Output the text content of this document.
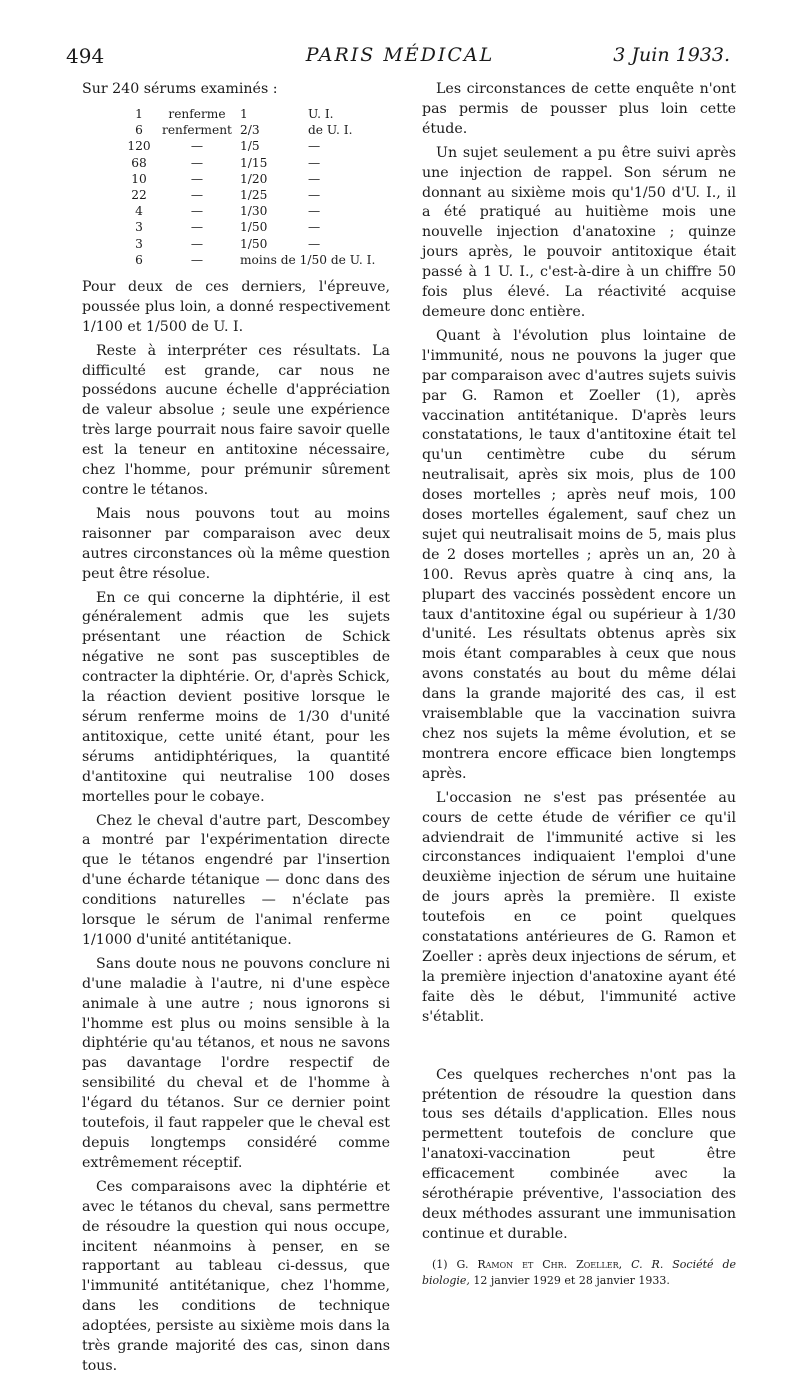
494	PARIS MÉDICAL	3 Juin 1933.

Sur 240 sérums examinés :

1	renferme	1	U. I.
6	renferment	2/3	de U. I.
120	—	1/5	—
68	—	1/15	—
10	—	1/20	—
22	—	1/25	—
4	—	1/30	—
3	—	1/50	—
3	—	1/50	—
6	—	moins de 1/50 de U. I.	

Pour deux de ces derniers, l'épreuve, poussée plus loin, a donné respectivement 1/100 et 1/500 de U. I.

Reste à interpréter ces résultats. La difficulté est grande, car nous ne possédons aucune échelle d'appréciation de valeur absolue ; seule une expérience très large pourrait nous faire savoir quelle est la teneur en antitoxine nécessaire, chez l'homme, pour prémunir sûrement contre le tétanos.

Mais nous pouvons tout au moins raisonner par comparaison avec deux autres circonstances où la même question peut être résolue.

En ce qui concerne la diphtérie, il est généralement admis que les sujets présentant une réaction de Schick négative ne sont pas susceptibles de contracter la diphtérie. Or, d'après Schick, la réaction devient positive lorsque le sérum renferme moins de 1/30 d'unité antitoxique, cette unité étant, pour les sérums antidiphtériques, la quantité d'antitoxine qui neutralise 100 doses mortelles pour le cobaye.

Chez le cheval d'autre part, Descombey a montré par l'expérimentation directe que le tétanos engendré par l'insertion d'une écharde tétanique — donc dans des conditions naturelles — n'éclate pas lorsque le sérum de l'animal renferme 1/1000 d'unité antitétanique.

Sans doute nous ne pouvons conclure ni d'une maladie à l'autre, ni d'une espèce animale à une autre ; nous ignorons si l'homme est plus ou moins sensible à la diphtérie qu'au tétanos, et nous ne savons pas davantage l'ordre respectif de sensibilité du cheval et de l'homme à l'égard du tétanos. Sur ce dernier point toutefois, il faut rappeler que le cheval est depuis longtemps considéré comme extrêmement réceptif.

Ces comparaisons avec la diphtérie et avec le tétanos du cheval, sans permettre de résoudre la question qui nous occupe, incitent néanmoins à penser, en se rapportant au tableau ci-dessus, que l'immunité antitétanique, chez l'homme, dans les conditions de technique adoptées, persiste au sixième mois dans la très grande majorité des cas, sinon dans tous.

Les circonstances de cette enquête n'ont pas permis de pousser plus loin cette étude.

Un sujet seulement a pu être suivi après une injection de rappel. Son sérum ne donnant au sixième mois qu'1/50 d'U. I., il a été pratiqué au huitième mois une nouvelle injection d'anatoxine ; quinze jours après, le pouvoir antitoxique était passé à 1 U. I., c'est-à-dire à un chiffre 50 fois plus élevé. La réactivité acquise demeure donc entière.

Quant à l'évolution plus lointaine de l'immunité, nous ne pouvons la juger que par comparaison avec d'autres sujets suivis par G. Ramon et Zoeller (1), après vaccination antitétanique. D'après leurs constatations, le taux d'antitoxine était tel qu'un centimètre cube du sérum neutralisait, après six mois, plus de 100 doses mortelles ; après neuf mois, 100 doses mortelles également, sauf chez un sujet qui neutralisait moins de 5, mais plus de 2 doses mortelles ; après un an, 20 à 100. Revus après quatre à cinq ans, la plupart des vaccinés possèdent encore un taux d'antitoxine égal ou supérieur à 1/30 d'unité. Les résultats obtenus après six mois étant comparables à ceux que nous avons constatés au bout du même délai dans la grande majorité des cas, il est vraisemblable que la vaccination suivra chez nos sujets la même évolution, et se montrera encore efficace bien longtemps après.

L'occasion ne s'est pas présentée au cours de cette étude de vérifier ce qu'il adviendrait de l'immunité active si les circonstances indiquaient l'emploi d'une deuxième injection de sérum une huitaine de jours après la première. Il existe toutefois en ce point quelques constatations antérieures de G. Ramon et Zoeller : après deux injections de sérum, et la première injection d'anatoxine ayant été faite dès le début, l'immunité active s'établit.

Ces quelques recherches n'ont pas la prétention de résoudre la question dans tous ses détails d'application. Elles nous permettent toutefois de conclure que l'anatoxi-vaccination peut être efficacement combinée avec la sérothérapie préventive, l'association des deux méthodes assurant une immunisation continue et durable.

(1) G. Ramon et Chr. Zoeller, C. R. Société de biologie, 12 janvier 1929 et 28 janvier 1933.
